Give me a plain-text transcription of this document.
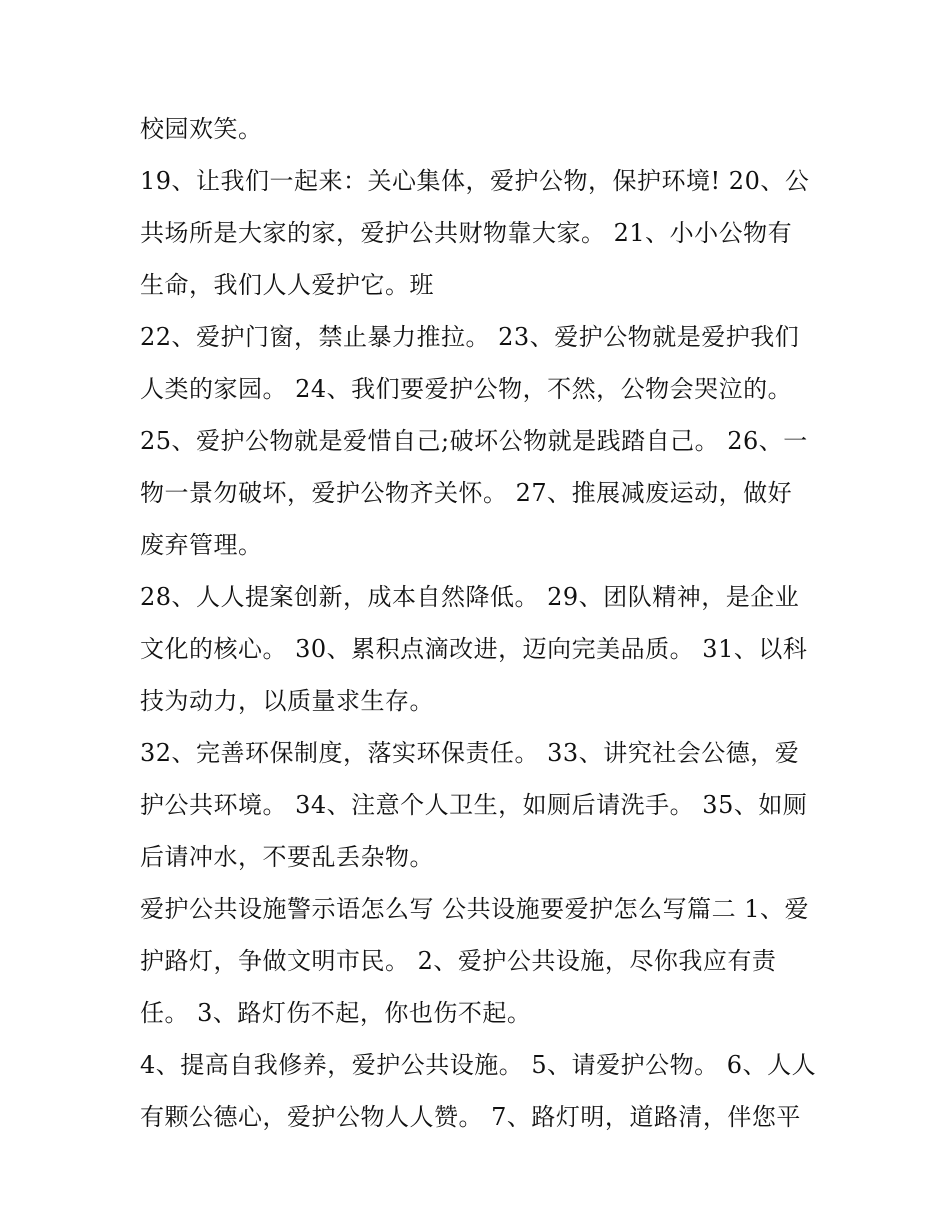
校园欢笑。
19、让我们一起来：关心集体，爱护公物，保护环境! 20、公
共场所是大家的家，爱护公共财物靠大家。 21、小小公物有
生命，我们人人爱护它。班
22、爱护门窗，禁止暴力推拉。 23、爱护公物就是爱护我们
人类的家园。 24、我们要爱护公物，不然，公物会哭泣的。
25、爱护公物就是爱惜自己;破坏公物就是践踏自己。 26、一
物一景勿破坏，爱护公物齐关怀。 27、推展减废运动，做好
废弃管理。
28、人人提案创新，成本自然降低。 29、团队精神，是企业
文化的核心。 30、累积点滴改进，迈向完美品质。 31、以科
技为动力，以质量求生存。
32、完善环保制度，落实环保责任。 33、讲究社会公德，爱
护公共环境。 34、注意个人卫生，如厕后请洗手。 35、如厕
后请冲水，不要乱丢杂物。
爱护公共设施警示语怎么写 公共设施要爱护怎么写篇二 1、爱
护路灯，争做文明市民。 2、爱护公共设施，尽你我应有责
任。 3、路灯伤不起，你也伤不起。
4、提高自我修养，爱护公共设施。 5、请爱护公物。 6、人人
有颗公德心，爱护公物人人赞。 7、路灯明，道路清，伴您平
